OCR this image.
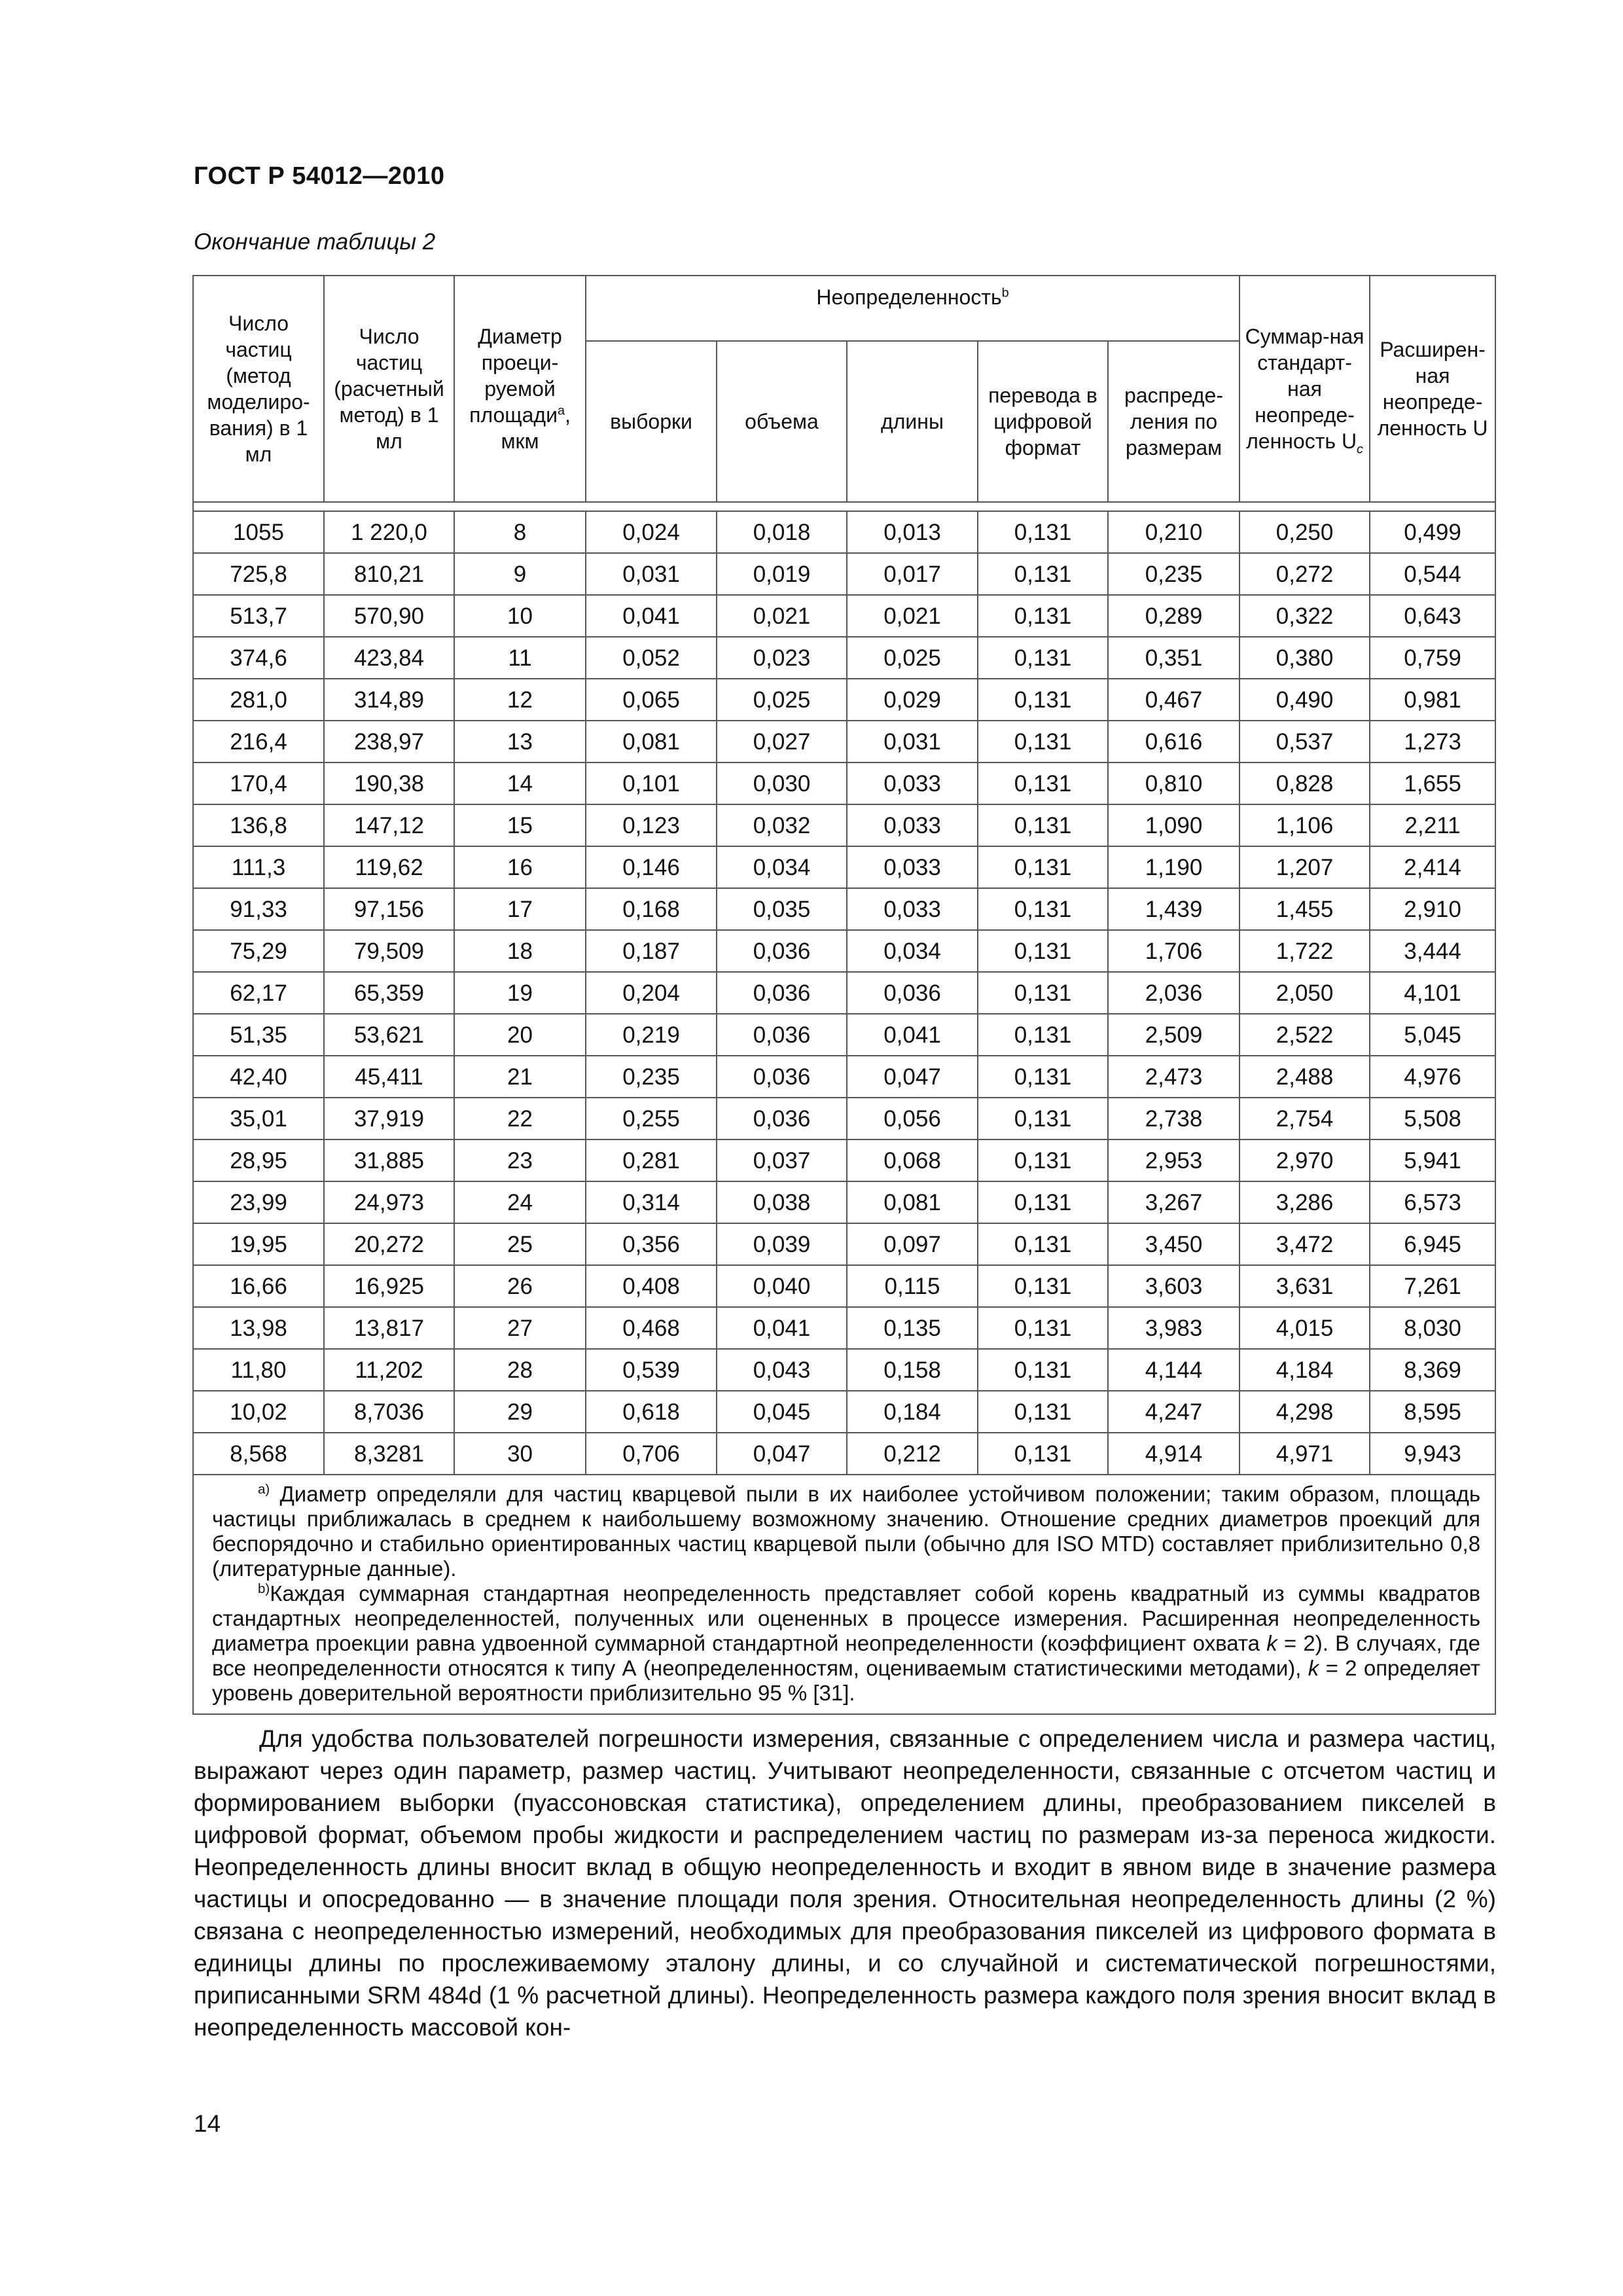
ГОСТ Р 54012—2010
Окончание таблицы 2
Число частиц (метод моделиро-вания) в 1 мл	Число частиц (расчетный метод) в 1 мл	Диаметр проеци-руемой площади$^a$, мкм	Неопределенность$^b$					Суммар-ная стандарт-ная неопреде-ленность $U_c$	Расширен-ная неопреде-ленность U
			выборки	объема	длины	перевода в цифровой формат	распреде-ления по размерам		

1055	1 220,0	8	0,024	0,018	0,013	0,131	0,210	0,250	0,499
725,8	810,21	9	0,031	0,019	0,017	0,131	0,235	0,272	0,544
513,7	570,90	10	0,041	0,021	0,021	0,131	0,289	0,322	0,643
374,6	423,84	11	0,052	0,023	0,025	0,131	0,351	0,380	0,759
281,0	314,89	12	0,065	0,025	0,029	0,131	0,467	0,490	0,981
216,4	238,97	13	0,081	0,027	0,031	0,131	0,616	0,537	1,273
170,4	190,38	14	0,101	0,030	0,033	0,131	0,810	0,828	1,655
136,8	147,12	15	0,123	0,032	0,033	0,131	1,090	1,106	2,211
111,3	119,62	16	0,146	0,034	0,033	0,131	1,190	1,207	2,414
91,33	97,156	17	0,168	0,035	0,033	0,131	1,439	1,455	2,910
75,29	79,509	18	0,187	0,036	0,034	0,131	1,706	1,722	3,444
62,17	65,359	19	0,204	0,036	0,036	0,131	2,036	2,050	4,101
51,35	53,621	20	0,219	0,036	0,041	0,131	2,509	2,522	5,045
42,40	45,411	21	0,235	0,036	0,047	0,131	2,473	2,488	4,976
35,01	37,919	22	0,255	0,036	0,056	0,131	2,738	2,754	5,508
28,95	31,885	23	0,281	0,037	0,068	0,131	2,953	2,970	5,941
23,99	24,973	24	0,314	0,038	0,081	0,131	3,267	3,286	6,573
19,95	20,272	25	0,356	0,039	0,097	0,131	3,450	3,472	6,945
16,66	16,925	26	0,408	0,040	0,115	0,131	3,603	3,631	7,261
13,98	13,817	27	0,468	0,041	0,135	0,131	3,983	4,015	8,030
11,80	11,202	28	0,539	0,043	0,158	0,131	4,144	4,184	8,369
10,02	8,7036	29	0,618	0,045	0,184	0,131	4,247	4,298	8,595
8,568	8,3281	30	0,706	0,047	0,212	0,131	4,914	4,971	9,943

$^{a)}$ Диаметр определяли для частиц кварцевой пыли в их наиболее устойчивом положении; таким образом, площадь частицы приближалась в среднем к наибольшему возможному значению. Отношение средних диаметров проекций для беспорядочно и стабильно ориентированных частиц кварцевой пыли (обычно для ISO MTD) составляет приблизительно 0,8 (литературные данные).

$^{b)}$Каждая суммарная стандартная неопределенность представляет собой корень квадратный из суммы квадратов стандартных неопределенностей, полученных или оцененных в процессе измерения. Расширенная неопределенность диаметра проекции равна удвоенной суммарной стандартной неопределенности (коэффициент охвата k = 2). В случаях, где все неопределенности относятся к типу А (неопределенностям, оцениваемым статистическими методами), k = 2 определяет уровень доверительной вероятности приблизительно 95 % [31].									

Для удобства пользователей погрешности измерения, связанные с определением числа и размера частиц, выражают через один параметр, размер частиц. Учитывают неопределенности, связанные с отсчетом частиц и формированием выборки (пуассоновская статистика), определением длины, преобразованием пикселей в цифровой формат, объемом пробы жидкости и распределением частиц по размерам из-за переноса жидкости. Неопределенность длины вносит вклад в общую неопределенность и входит в явном виде в значение размера частицы и опосредованно — в значение площади поля зрения. Относительная неопределенность длины (2 %) связана с неопределенностью измерений, необходимых для преобразования пикселей из цифрового формата в единицы длины по прослеживаемому эталону длины, и со случайной и систематической погрешностями, приписанными SRM 484d (1 % расчетной длины). Неопределенность размера каждого поля зрения вносит вклад в неопределенность массовой кон-

14
